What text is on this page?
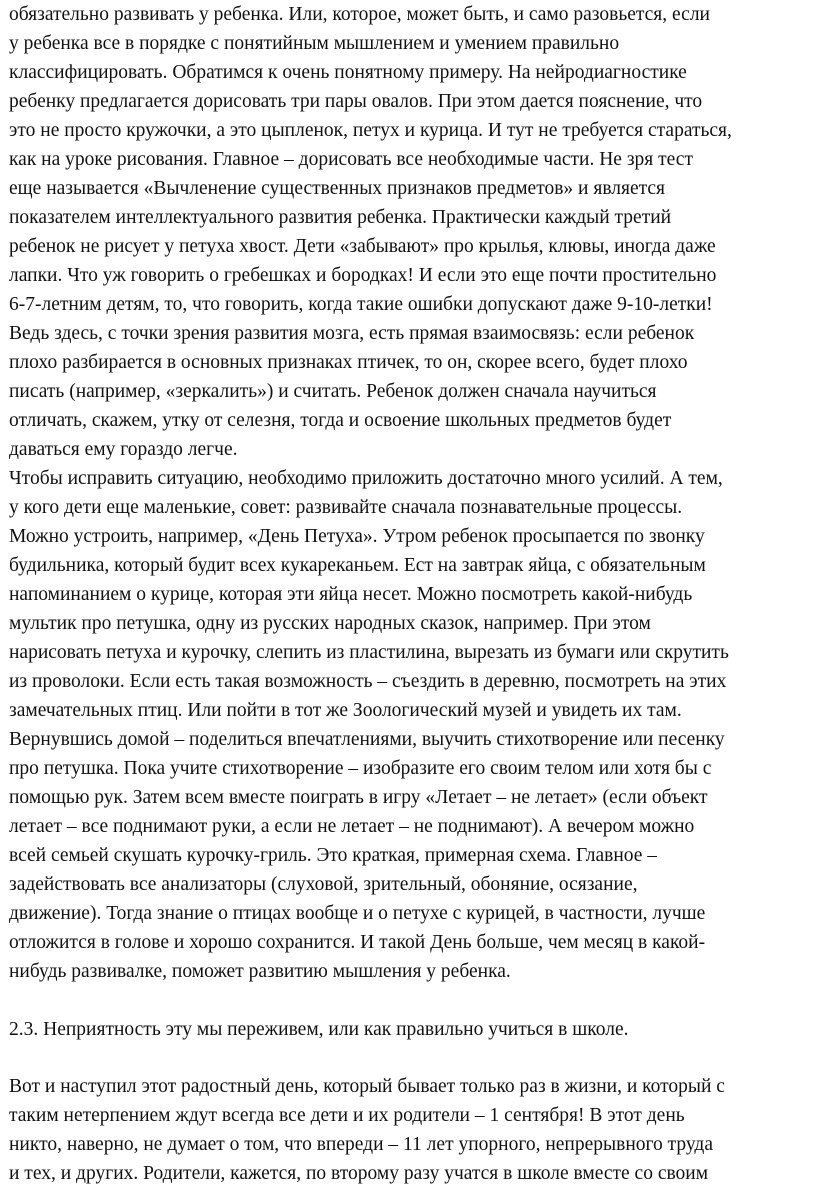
обязательно развивать у ребенка. Или, которое, может быть, и само разовьется, если
у ребенка все в порядке с понятийным мышлением и умением правильно
классифицировать. Обратимся к очень понятному примеру. На нейродиагностике
ребенку предлагается дорисовать три пары овалов. При этом дается пояснение, что
это не просто кружочки, а это цыпленок, петух и курица. И тут не требуется стараться,
как на уроке рисования. Главное – дорисовать все необходимые части. Не зря тест
еще называется «Вычленение существенных признаков предметов» и является
показателем интеллектуального развития ребенка. Практически каждый третий
ребенок не рисует у петуха хвост. Дети «забывают» про крылья, клювы, иногда даже
лапки. Что уж говорить о гребешках и бородках! И если это еще почти простительно
6-7-летним детям, то, что говорить, когда такие ошибки допускают даже 9-10-летки!
Ведь здесь, с точки зрения развития мозга, есть прямая взаимосвязь: если ребенок
плохо разбирается в основных признаках птичек, то он, скорее всего, будет плохо
писать (например, «зеркалить») и считать. Ребенок должен сначала научиться
отличать, скажем, утку от селезня, тогда и освоение школьных предметов будет
даваться ему гораздо легче.
Чтобы исправить ситуацию, необходимо приложить достаточно много усилий. А тем,
у кого дети еще маленькие, совет: развивайте сначала познавательные процессы.
Можно устроить, например, «День Петуха». Утром ребенок просыпается по звонку
будильника, который будит всех кукареканьем. Ест на завтрак яйца, с обязательным
напоминанием о курице, которая эти яйца несет. Можно посмотреть какой-нибудь
мультик про петушка, одну из русских народных сказок, например. При этом
нарисовать петуха и курочку, слепить из пластилина, вырезать из бумаги или скрутить
из проволоки. Если есть такая возможность – съездить в деревню, посмотреть на этих
замечательных птиц. Или пойти в тот же Зоологический музей и увидеть их там.
Вернувшись домой – поделиться впечатлениями, выучить стихотворение или песенку
про петушка. Пока учите стихотворение – изобразите его своим телом или хотя бы с
помощью рук. Затем всем вместе поиграть в игру «Летает – не летает» (если объект
летает – все поднимают руки, а если не летает – не поднимают). А вечером можно
всей семьей скушать курочку-гриль. Это краткая, примерная схема. Главное –
задействовать все анализаторы (слуховой, зрительный, обоняние, осязание,
движение). Тогда знание о птицах вообще и о петухе с курицей, в частности, лучше
отложится в голове и хорошо сохранится. И такой День больше, чем месяц в какой-
нибудь развивалке, поможет развитию мышления у ребенка.
2.3. Неприятность эту мы переживем, или как правильно учиться в школе.
Вот и наступил этот радостный день, который бывает только раз в жизни, и который с
таким нетерпением ждут всегда все дети и их родители – 1 сентября! В этот день
никто, наверно, не думает о том, что впереди – 11 лет упорного, непрерывного труда
и тех, и других. Родители, кажется, по второму разу учатся в школе вместе со своим
